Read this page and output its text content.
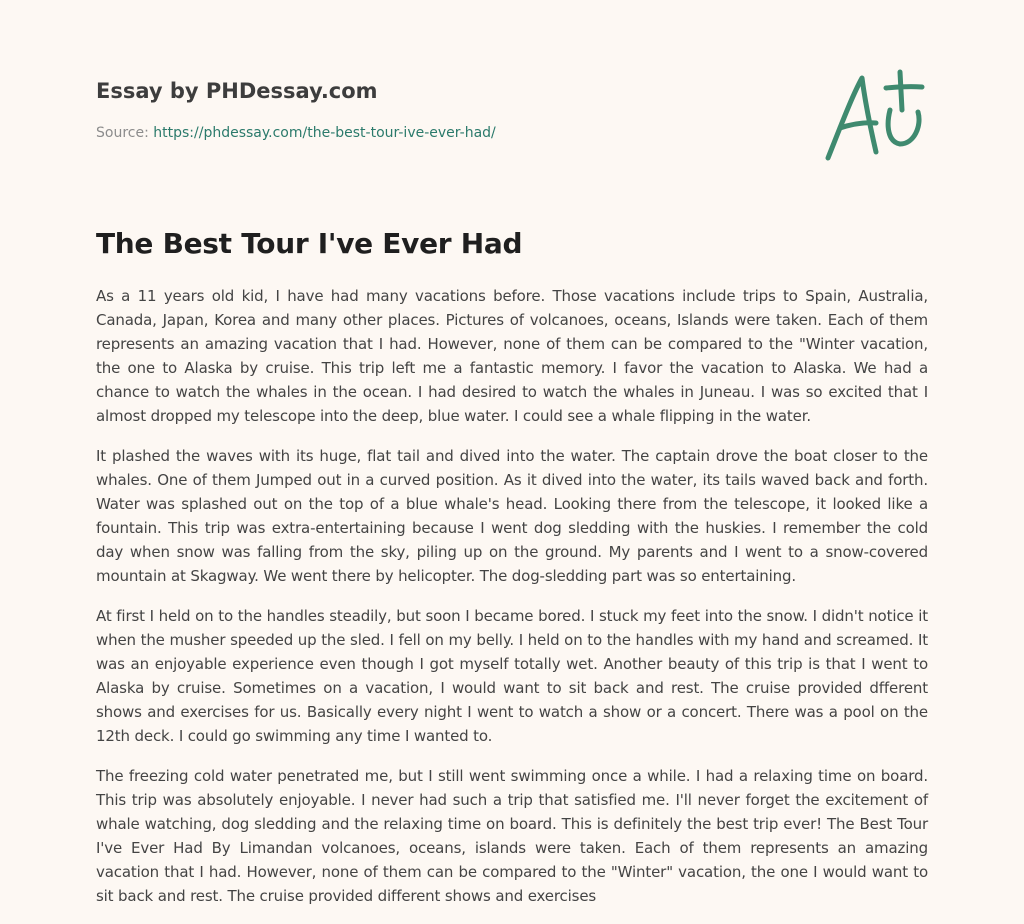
Essay by PHDessay.com
Source: https://phdessay.com/the-best-tour-ive-ever-had/
The Best Tour I've Ever Had

As a 11 years old kid, I have had many vacations before. Those vacations include trips to Spain, Australia, Canada, Japan, Korea and many other places. Pictures of volcanoes, oceans, Islands were taken. Each of them represents an amazing vacation that I had. However, none of them can be compared to the "Winter vacation, the one to Alaska by cruise. This trip left me a fantastic memory. I favor the vacation to Alaska. We had a chance to watch the whales in the ocean. I had desired to watch the whales in Juneau. I was so excited that I almost dropped my telescope into the deep, blue water. I could see a whale flipping in the water.

It plashed the waves with its huge, flat tail and dived into the water. The captain drove the boat closer to the whales. One of them Jumped out in a curved position. As it dived into the water, its tails waved back and forth. Water was splashed out on the top of a blue whale's head. Looking there from the telescope, it looked like a fountain. This trip was extra-entertaining because I went dog sledding with the huskies. I remember the cold day when snow was falling from the sky, piling up on the ground. My parents and I went to a snow-covered mountain at Skagway. We went there by helicopter. The dog-sledding part was so entertaining.

At first I held on to the handles steadily, but soon I became bored. I stuck my feet into the snow. I didn't notice it when the musher speeded up the sled. I fell on my belly. I held on to the handles with my hand and screamed. It was an enjoyable experience even though I got myself totally wet. Another beauty of this trip is that I went to Alaska by cruise. Sometimes on a vacation, I would want to sit back and rest. The cruise provided dfferent shows and exercises for us. Basically every night I went to watch a show or a concert. There was a pool on the 12th deck. I could go swimming any time I wanted to.

The freezing cold water penetrated me, but I still went swimming once a while. I had a relaxing time on board. This trip was absolutely enjoyable. I never had such a trip that satisfied me. I'll never forget the excitement of whale watching, dog sledding and the relaxing time on board. This is definitely the best trip ever! The Best Tour I've Ever Had By Limandan volcanoes, oceans, islands were taken. Each of them represents an amazing vacation that I had. However, none of them can be compared to the "Winter" vacation, the one I would want to sit back and rest. The cruise provided different shows and exercises
